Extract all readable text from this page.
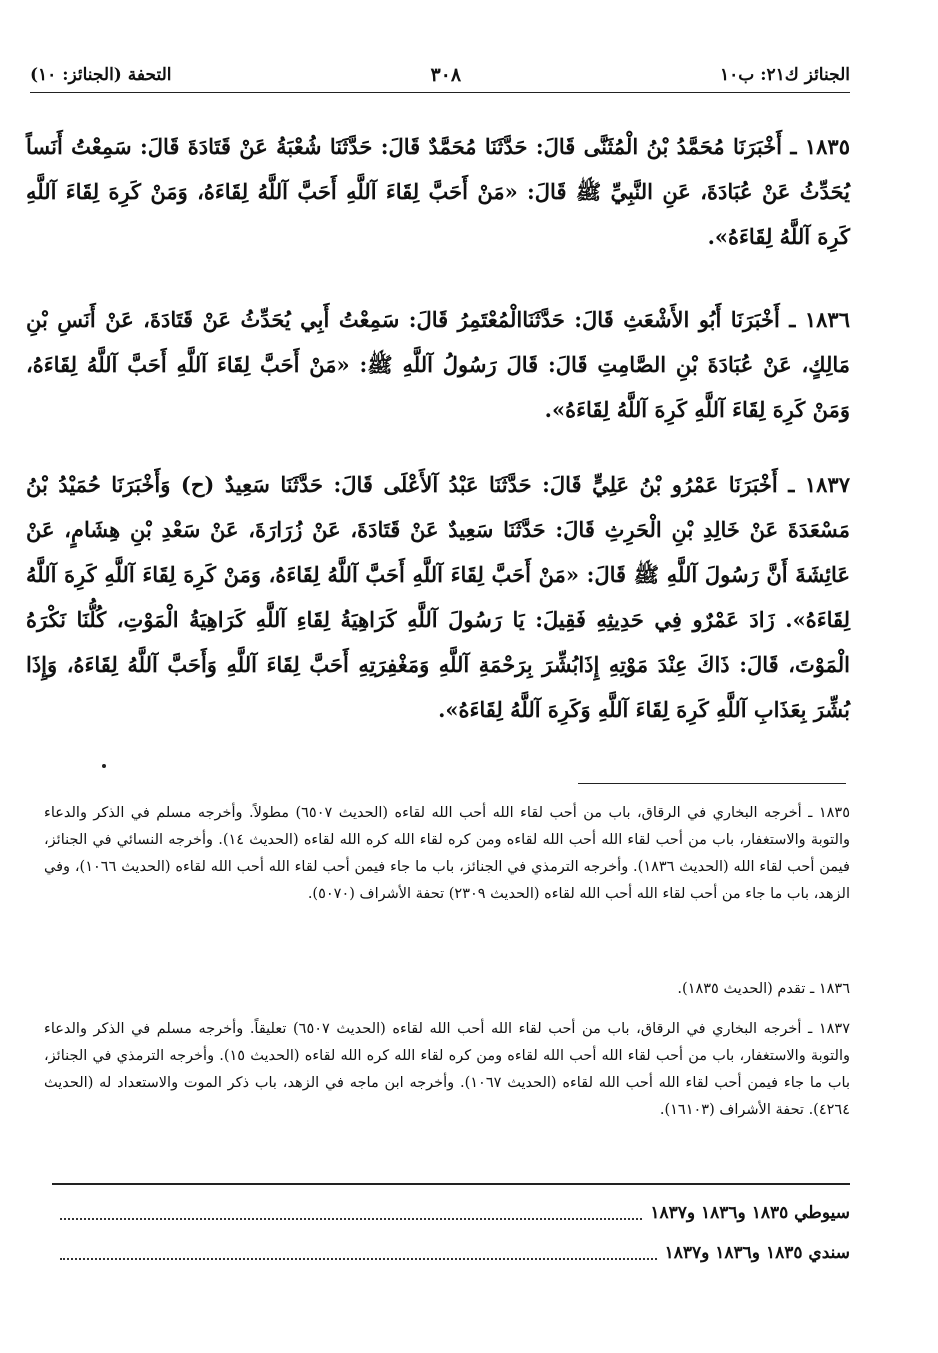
الجنائز ك٢١: ب١٠
٣٠٨
التحفة (الجنائز: ١٠)
١٨٣٥ ـ أَخْبَرَنَا مُحَمَّدُ بْنُ الْمُثَنَّى قَالَ: حَدَّثَنَا مُحَمَّدٌ قَالَ: حَدَّثَنَا شُعْبَةُ عَنْ قَتَادَةَ قَالَ: سَمِعْتُ أَنَساً يُحَدِّثُ عَنْ عُبَادَةَ، عَنِ النَّبِيِّ ﷺ قَالَ: «مَنْ أَحَبَّ لِقَاءَ آللَّهِ أَحَبَّ آللَّهُ لِقَاءَهُ، وَمَنْ كَرِهَ لِقَاءَ آللَّهِ كَرِهَ آللَّهُ لِقَاءَهُ».
١٨٣٦ ـ أَخْبَرَنَا أَبُو الأَشْعَثِ قَالَ: حَدَّثَنَاالْمُعْتَمِرُ قَالَ: سَمِعْتُ أَبِي يُحَدِّثُ عَنْ قَتَادَةَ، عَنْ أَنَسِ بْنِ مَالِكٍ، عَنْ عُبَادَةَ بْنِ الصَّامِتِ قَالَ: قَالَ رَسُولُ آللَّهِ ﷺ: «مَنْ أَحَبَّ لِقَاءَ آللَّهِ أَحَبَّ آللَّهُ لِقَاءَهُ، وَمَنْ كَرِهَ لِقَاءَ آللَّهِ كَرِهَ آللَّهُ لِقَاءَهُ».
١٨٣٧ ـ أَخْبَرَنَا عَمْرُو بْنُ عَلِيٍّ قَالَ: حَدَّثَنَا عَبْدُ آلأَعْلَى قَالَ: حَدَّثَنَا سَعِيدٌ (ح) وَأَخْبَرَنَا حُمَيْدُ بْنُ مَسْعَدَةَ عَنْ خَالِدِ بْنِ الْحَرِثِ قَالَ: حَدَّثَنَا سَعِيدٌ عَنْ قَتَادَةَ، عَنْ زُرَارَةَ، عَنْ سَعْدِ بْنِ هِشَامٍ، عَنْ عَائِشَةَ أَنَّ رَسُولَ آللَّهِ ﷺ قَالَ: «مَنْ أَحَبَّ لِقَاءَ آللَّهِ أَحَبَّ آللَّهُ لِقَاءَهُ، وَمَنْ كَرِهَ لِقَاءَ آللَّهِ كَرِهَ آللَّهُ لِقَاءَهُ». زَادَ عَمْرٌو فِي حَدِيثِهِ فَقِيلَ: يَا رَسُولَ آللَّهِ كَرَاهِيَةُ لِقَاءِ آللَّهِ كَرَاهِيَةُ الْمَوْتِ، كُلُّنَا نَكْرَهُ الْمَوْتَ، قَالَ: ذَاكَ عِنْدَ مَوْتِهِ إِذَابُشِّرَ بِرَحْمَةِ آللَّهِ وَمَغْفِرَتِهِ أَحَبَّ لِقَاءَ آللَّهِ وَأَحَبَّ آللَّهُ لِقَاءَهُ، وَإِذَا بُشِّرَ بِعَذَابِ آللَّهِ كَرِهَ لِقَاءَ آللَّهِ وَكَرِهَ آللَّهُ لِقَاءَهُ».
١٨٣٥ ـ أخرجه البخاري في الرقاق، باب من أحب لقاء الله أحب الله لقاءه (الحديث ٦٥٠٧) مطولاً. وأخرجه مسلم في الذكر والدعاء والتوبة والاستغفار، باب من أحب لقاء الله أحب الله لقاءه ومن كره لقاء الله كره الله لقاءه (الحديث ١٤). وأخرجه النسائي في الجنائز، فيمن أحب لقاء الله (الحديث ١٨٣٦). وأخرجه الترمذي في الجنائز، باب ما جاء فيمن أحب لقاء الله أحب الله لقاءه (الحديث ١٠٦٦)، وفي الزهد، باب ما جاء من أحب لقاء الله أحب الله لقاءه (الحديث ٢٣٠٩) تحفة الأشراف (٥٠٧٠).
١٨٣٦ ـ تقدم (الحديث ١٨٣٥).
١٨٣٧ ـ أخرجه البخاري في الرقاق، باب من أحب لقاء الله أحب الله لقاءه (الحديث ٦٥٠٧) تعليقاً. وأخرجه مسلم في الذكر والدعاء والتوبة والاستغفار، باب من أحب لقاء الله أحب الله لقاءه ومن كره لقاء الله كره الله لقاءه (الحديث ١٥). وأخرجه الترمذي في الجنائز، باب ما جاء فيمن أحب لقاء الله أحب الله لقاءه (الحديث ١٠٦٧). وأخرجه ابن ماجه في الزهد، باب ذكر الموت والاستعداد له (الحديث ٤٢٦٤). تحفة الأشراف (١٦١٠٣).
سيوطي ١٨٣٥ و١٨٣٦ و١٨٣٧
سندي ١٨٣٥ و١٨٣٦ و١٨٣٧
